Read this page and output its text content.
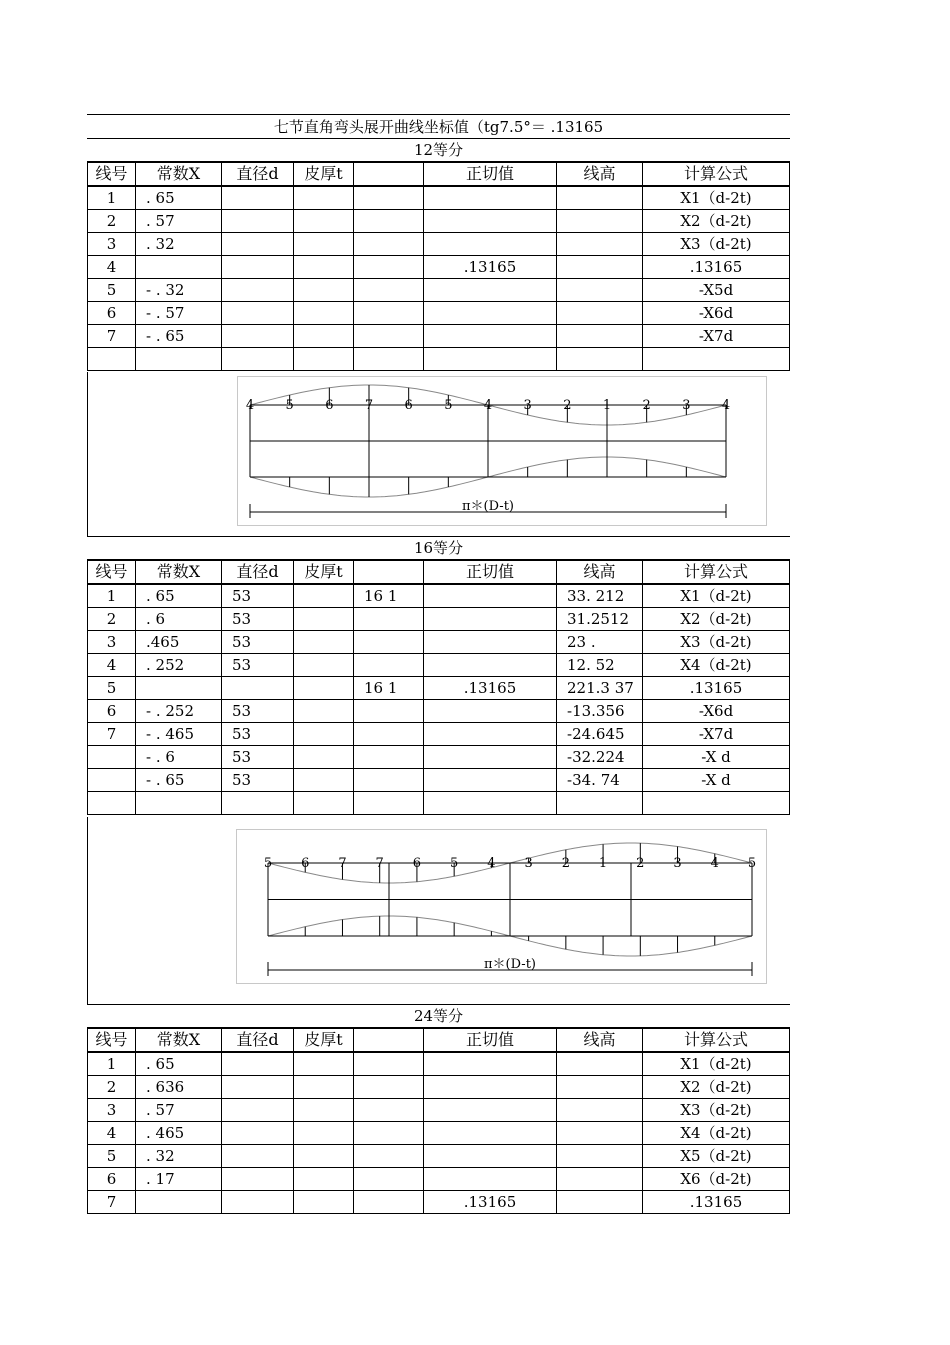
七节直角弯头展开曲线坐标值（tg7.5°＝ .13165
12等分
线号	常数X	直径d	皮厚t		正切值	线高	计算公式
1	. 65						X1（d-2t)
2	. 57						X2（d-2t)
3	. 32						X3（d-2t)
4					.13165		.13165
5	- . 32						-X5d
6	- . 57						-X6d
7	- . 65						-X7d

4 5 6 7 6 5 4 3 2 1 2 3 4
π＊(D-t)
16等分
线号	常数X	直径d	皮厚t		正切值	线高	计算公式
1	. 65	53		16 1		33. 212	X1（d-2t)
2	. 6	53				31.2512	X2（d-2t)
3	.465	53				23 .	X3（d-2t)
4	. 252	53				12. 52	X4（d-2t)
5				16 1	.13165	221.3 37	.13165
6	- . 252	53				-13.356	-X6d
7	- . 465	53				-24.645	-X7d
	- . 6	53				-32.224	-X d
	- . 65	53				-34. 74	-X d

5 6 7 7 6 5 4 3 2 1 2 3 4 5
π＊(D-t)
24等分
线号	常数X	直径d	皮厚t		正切值	线高	计算公式
1	. 65						X1（d-2t)
2	. 636						X2（d-2t)
3	. 57						X3（d-2t)
4	. 465						X4（d-2t)
5	. 32						X5（d-2t)
6	. 17						X6（d-2t)
7					.13165		.13165
